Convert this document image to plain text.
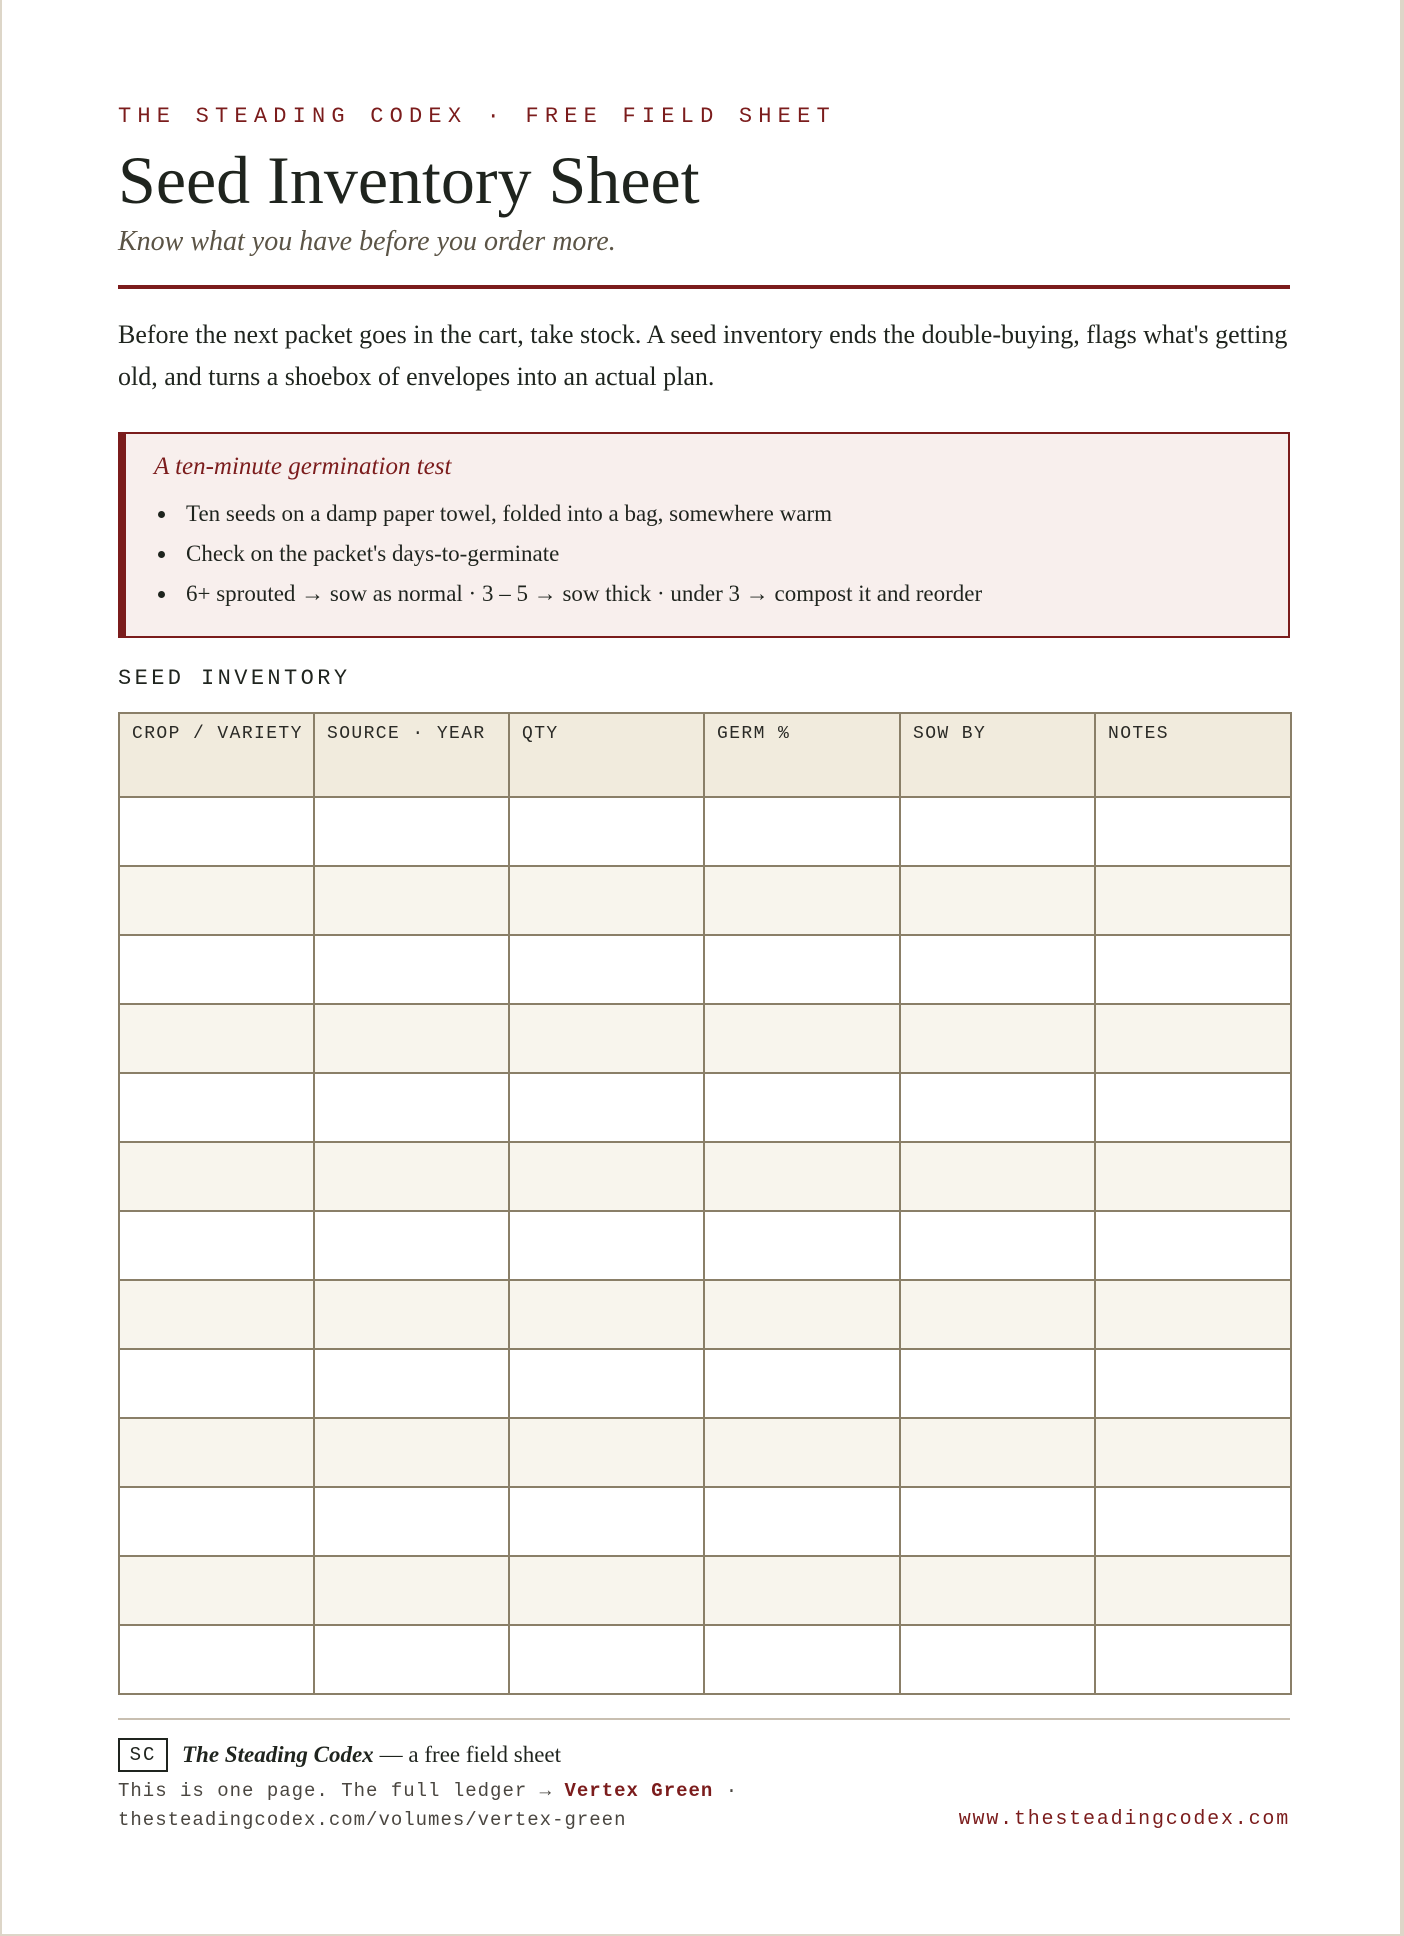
THE STEADING CODEX · FREE FIELD SHEET
Seed Inventory Sheet
Know what you have before you order more.

Before the next packet goes in the cart, take stock. A seed inventory ends the double-buying, flags what's getting old, and turns a shoebox of envelopes into an actual plan.

A ten-minute germination test
Ten seeds on a damp paper towel, folded into a bag, somewhere warm
Check on the packet's days-to-germinate
6+ sprouted → sow as normal · 3 – 5 → sow thick · under 3 → compost it and reorder
SEED INVENTORY
CROP / VARIETY	SOURCE · YEAR	QTY	GERM %	SOW BY	NOTES

SC	The Steading Codex — a free field sheet
This is one page. The full ledger → Vertex Green ·
thesteadingcodex.com/volumes/vertex-green	www.thesteadingcodex.com
